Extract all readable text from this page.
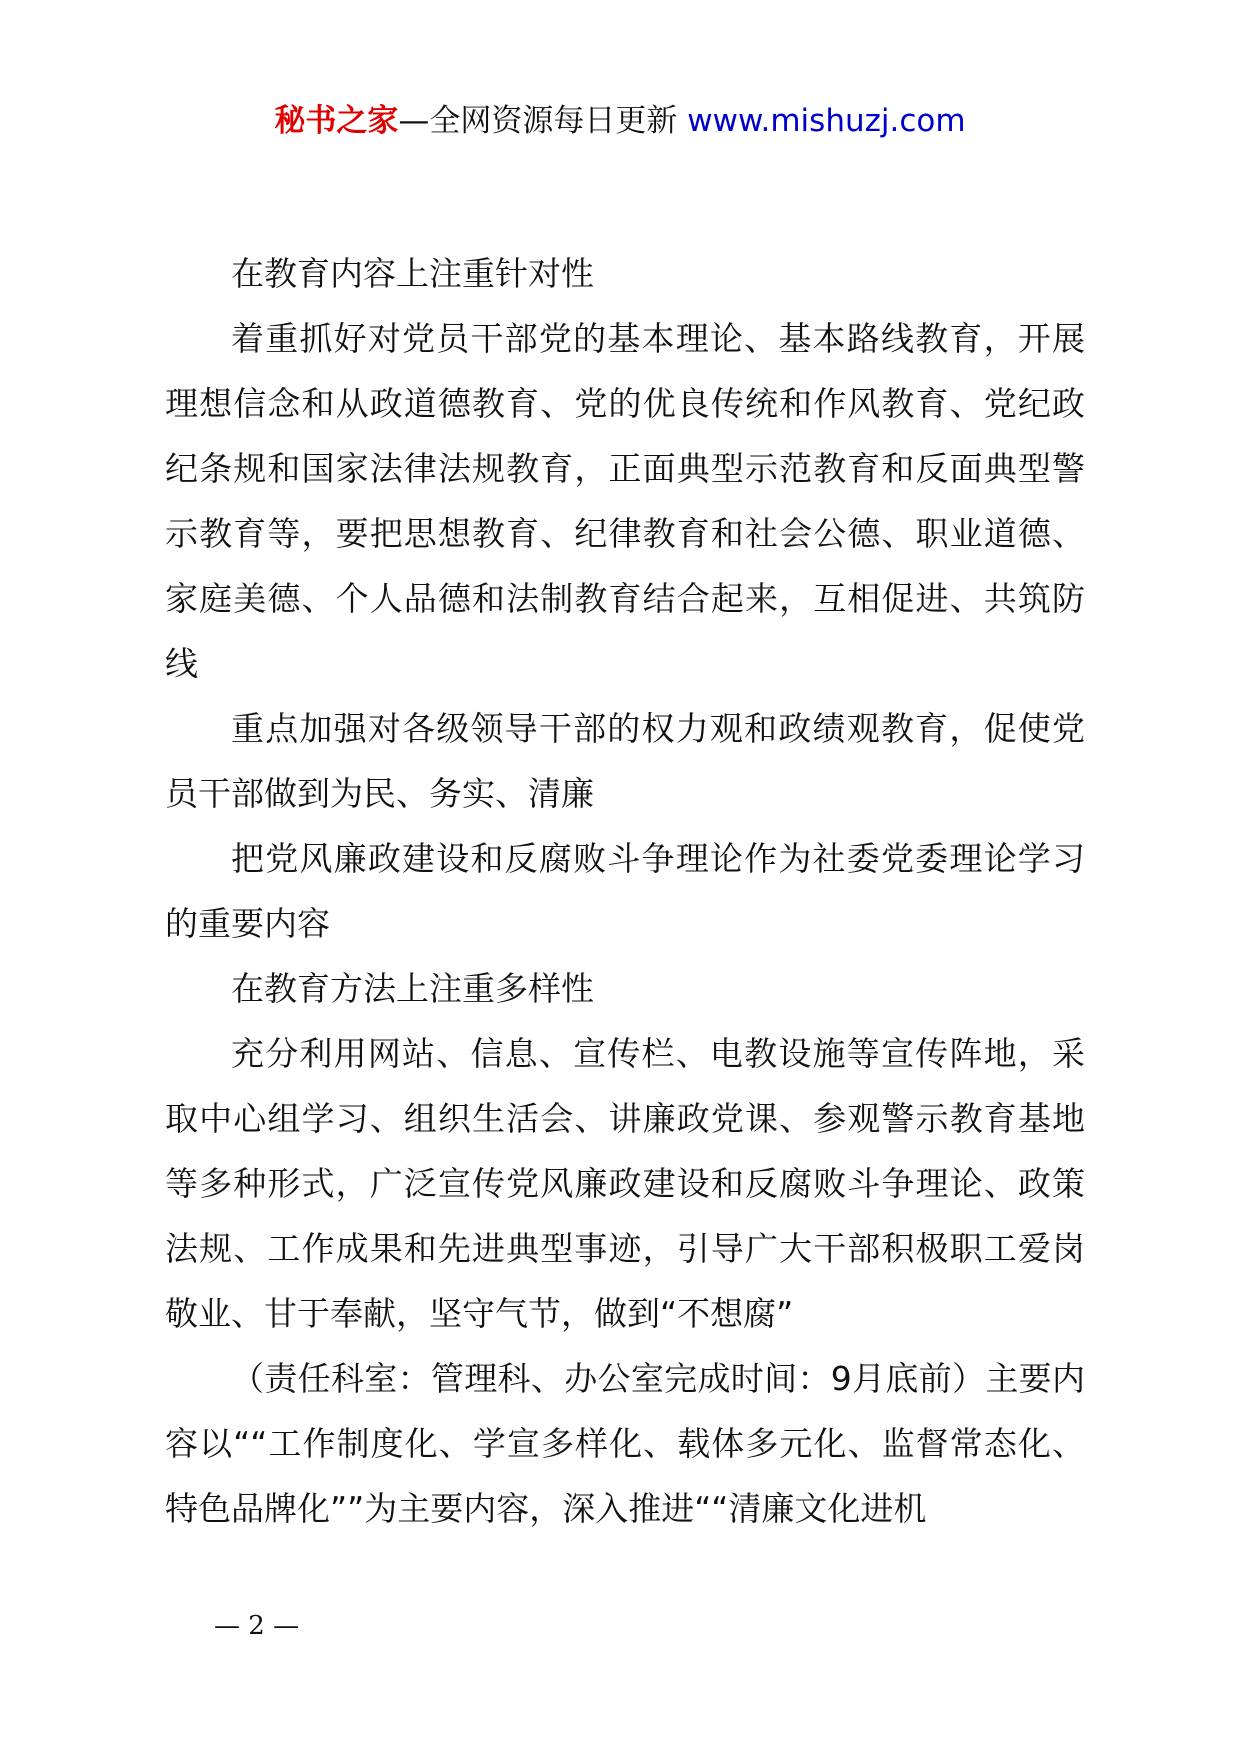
秘书之家—全网资源每日更新 www.mishuzj.com

在教育内容上注重针对性

着重抓好对党员干部党的基本理论、基本路线教育，开展理想信念和从政道德教育、党的优良传统和作风教育、党纪政纪条规和国家法律法规教育，正面典型示范教育和反面典型警示教育等，要把思想教育、纪律教育和社会公德、职业道德、家庭美德、个人品德和法制教育结合起来，互相促进、共筑防线

重点加强对各级领导干部的权力观和政绩观教育，促使党员干部做到为民、务实、清廉

把党风廉政建设和反腐败斗争理论作为社委党委理论学习的重要内容

在教育方法上注重多样性

充分利用网站、信息、宣传栏、电教设施等宣传阵地，采取中心组学习、组织生活会、讲廉政党课、参观警示教育基地等多种形式，广泛宣传党风廉政建设和反腐败斗争理论、政策法规、工作成果和先进典型事迹，引导广大干部积极职工爱岗敬业、甘于奉献，坚守气节，做到“不想腐”

（责任科室：管理科、办公室完成时间：9月底前）主要内容以““工作制度化、学宣多样化、载体多元化、监督常态化、特色品牌化””为主要内容，深入推进““清廉文化进机

— 2 —
